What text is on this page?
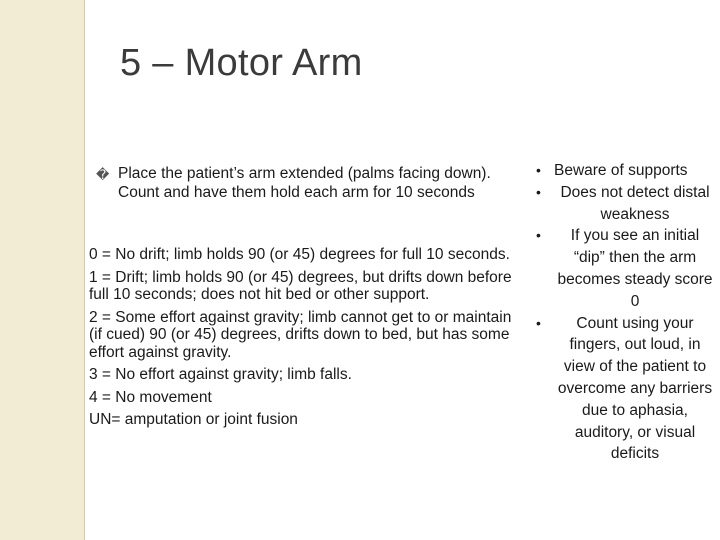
5 – Motor Arm
� Place the patient’s arm extended (palms facing down). Count and have them hold each arm for 10 seconds
0 = No drift; limb holds 90 (or 45) degrees for full 10 seconds.
1 = Drift; limb holds 90 (or 45) degrees, but drifts down before full 10 seconds; does not hit bed or other support.
2 = Some effort against gravity; limb cannot get to or maintain (if cued) 90 (or 45) degrees, drifts down to bed, but has some effort against gravity.
3 = No effort against gravity; limb falls.
4 = No movement
UN= amputation or joint fusion
• Beware of supports
• Does not detect distal weakness
• If you see an initial “dip” then the arm becomes steady score 0
• Count using your fingers, out loud, in view of the patient to overcome any barriers due to aphasia, auditory, or visual deficits
